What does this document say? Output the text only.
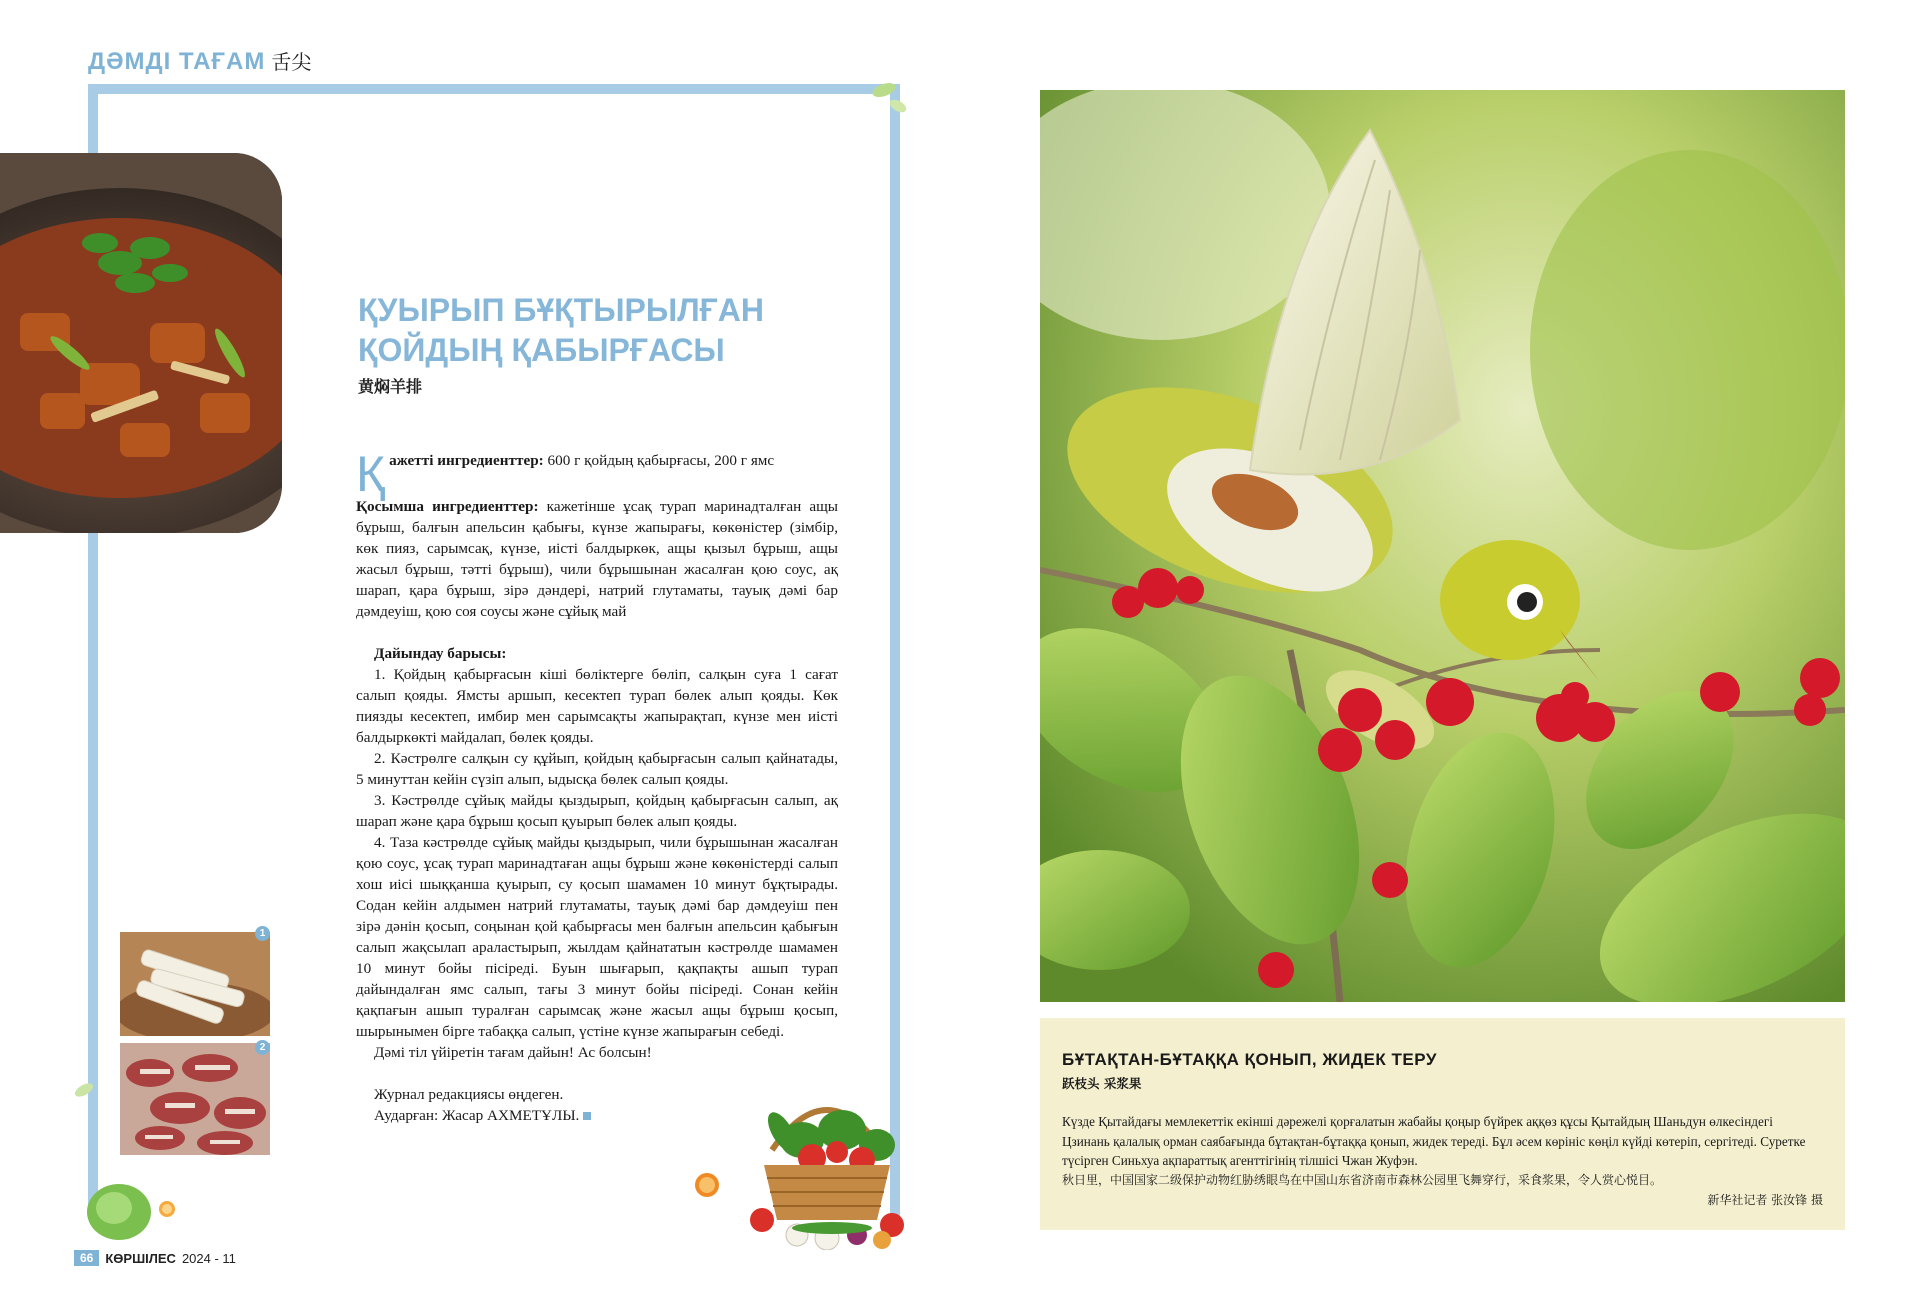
ДӘМДІ ТАҒАМ 舌尖
ҚУЫРЫП БҰҚТЫРЫЛҒАН
ҚОЙДЫҢ ҚАБЫРҒАСЫ
黄焖羊排
Қ ажетті ингредиенттер: 600 г қойдың қабырғасы, 200 г ямс

Қосымша ингредиенттер: кажетінше ұсақ турап маринадталған ащы бұрыш, балғын апельсин қабығы, күнзе жапырағы, көкөністер (зімбір, көк пияз, сарымсақ, күнзе, иісті балдыркөк, ащы қызыл бұрыш, ащы жасыл бұрыш, тәтті бұрыш), чили бұрышынан жасалған қою соус, ақ шарап, қара бұрыш, зірә дәндері, натрий глутаматы, тауық дәмі бар дәмдеуіш, қою соя соусы және сұйық май

Дайындау барысы:

1. Қойдың қабырғасын кіші бөліктерге бөліп, салқын суға 1 сағат салып қояды. Ямсты аршып, кесектеп турап бөлек алып қояды. Көк пиязды кесектеп, имбир мен сарымсақты жапырақтап, күнзе мен иісті балдыркөкті майдалап, бөлек қояды.

2. Кәстрөлге салқын су құйып, қойдың қабырғасын салып қайнатады, 5 минуттан кейін сүзіп алып, ыдысқа бөлек салып қояды.

3. Кәстрөлде сұйық майды қыздырып, қойдың қабырғасын салып, ақ шарап және қара бұрыш қосып қуырып бөлек алып қояды.

4. Таза кәстрөлде сұйық майды қыздырып, чили бұрышынан жасалған қою соус, ұсақ турап маринадтаған ащы бұрыш және көкөністерді салып хош иісі шыққанша қуырып, су қосып шамамен 10 минут бұқтырады. Содан кейін алдымен натрий глутаматы, тауық дәмі бар дәмдеуіш пен зірә дәнін қосып, соңынан қой қабырғасы мен балғын апельсин қабығын салып жақсылап араластырып, жылдам қайнататын кәстрөлде шамамен 10 минут бойы пісіреді. Буын шығарып, қақпақты ашып турап дайындалған ямс салып, тағы 3 минут бойы пісіреді. Сонан кейін қақпағын ашып туралған сарымсақ және жасыл ащы бұрыш қосып, шырынымен бірге табаққа салып, үстіне күнзе жапырағын себеді.

Дәмі тіл үйіретін тағам дайын! Ас болсын!

Журнал редакциясы өңдеген.

Аударған: Жасар АХМЕТҰЛЫ.

1
2
66 КӨРШІЛЕС 2024 - 11
БҰТАҚТАН-БҰТАҚҚА ҚОНЫП, ЖИДЕК ТЕРУ
跃枝头 采浆果
Күзде Қытайдағы мемлекеттік екінші дәрежелі қорғалатын жабайы қоңыр бүйрек аққөз құсы Қытайдың Шаньдун өлкесіндегі Цзинань қалалық орман саябағында бұтақтан-бұтаққа қонып, жидек тереді. Бұл әсем көрініс көңіл күйді көтеріп, сергітеді. Суретке түсірген Синьхуа ақпараттық агенттігінің тілшісі Чжан Жуфэн.
秋日里，中国国家二级保护动物红胁绣眼鸟在中国山东省济南市森林公园里飞舞穿行，采食浆果，令人赏心悦目。
新华社记者 张汝锋 摄
